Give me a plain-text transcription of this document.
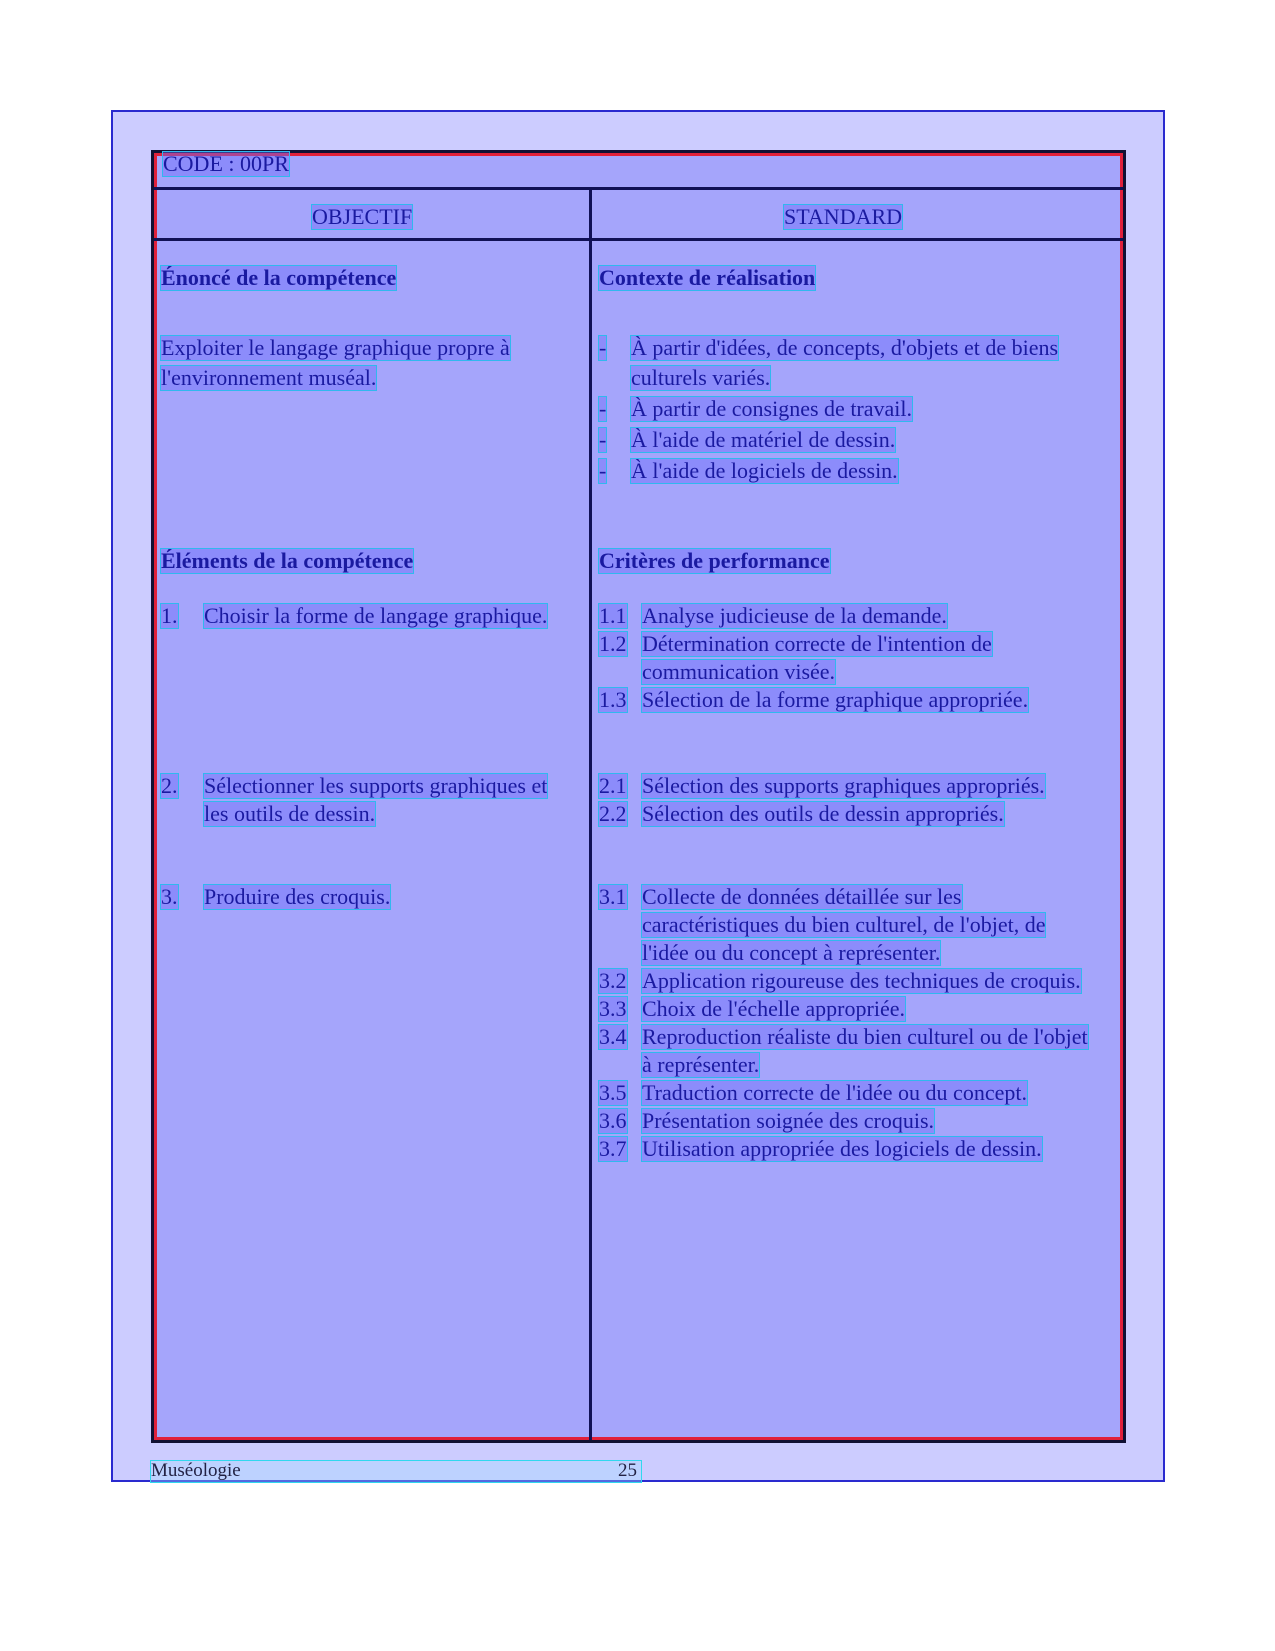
CODE : 00PR
OBJECTIF	STANDARD
Énoncé de la compétence
Exploiter le langage graphique propre à
l'environnement muséal.
Contexte de réalisation
- À partir d'idées, de concepts, d'objets et de biens
culturels variés.
- À partir de consignes de travail.
- À l'aide de matériel de dessin.
- À l'aide de logiciels de dessin.
Éléments de la compétence
1. Choisir la forme de langage graphique.
2. Sélectionner les supports graphiques et
les outils de dessin.
3. Produire des croquis.
Critères de performance
1.1 Analyse judicieuse de la demande.
1.2 Détermination correcte de l'intention de
communication visée.
1.3 Sélection de la forme graphique appropriée.
2.1 Sélection des supports graphiques appropriés.
2.2 Sélection des outils de dessin appropriés.
3.1 Collecte de données détaillée sur les
caractéristiques du bien culturel, de l'objet, de
l'idée ou du concept à représenter.
3.2 Application rigoureuse des techniques de croquis.
3.3 Choix de l'échelle appropriée.
3.4 Reproduction réaliste du bien culturel ou de l'objet
à représenter.
3.5 Traduction correcte de l'idée ou du concept.
3.6 Présentation soignée des croquis.
3.7 Utilisation appropriée des logiciels de dessin.
Muséologie	25
